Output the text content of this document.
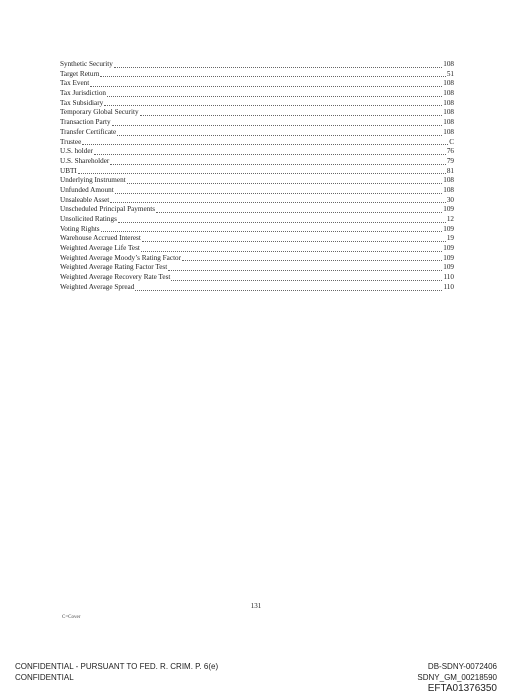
Synthetic Security	108
Target Return	51
Tax Event	108
Tax Jurisdiction	108
Tax Subsidiary	108
Temporary Global Security	108
Transaction Party	108
Transfer Certificate	108
Trustee	C
U.S. holder	76
U.S. Shareholder	79
UBTI	81
Underlying Instrument	108
Unfunded Amount	108
Unsaleable Asset	30
Unscheduled Principal Payments	109
Unsolicited Ratings	12
Voting Rights	109
Warehouse Accrued Interest	19
Weighted Average Life Test	109
Weighted Average Moody’s Rating Factor	109
Weighted Average Rating Factor Test	109
Weighted Average Recovery Rate Test	110
Weighted Average Spread	110
131
C=Cover
CONFIDENTIAL - PURSUANT TO FED. R. CRIM. P. 6(e)
CONFIDENTIAL
DB-SDNY-0072406
SDNY_GM_00218590
EFTA01376350
